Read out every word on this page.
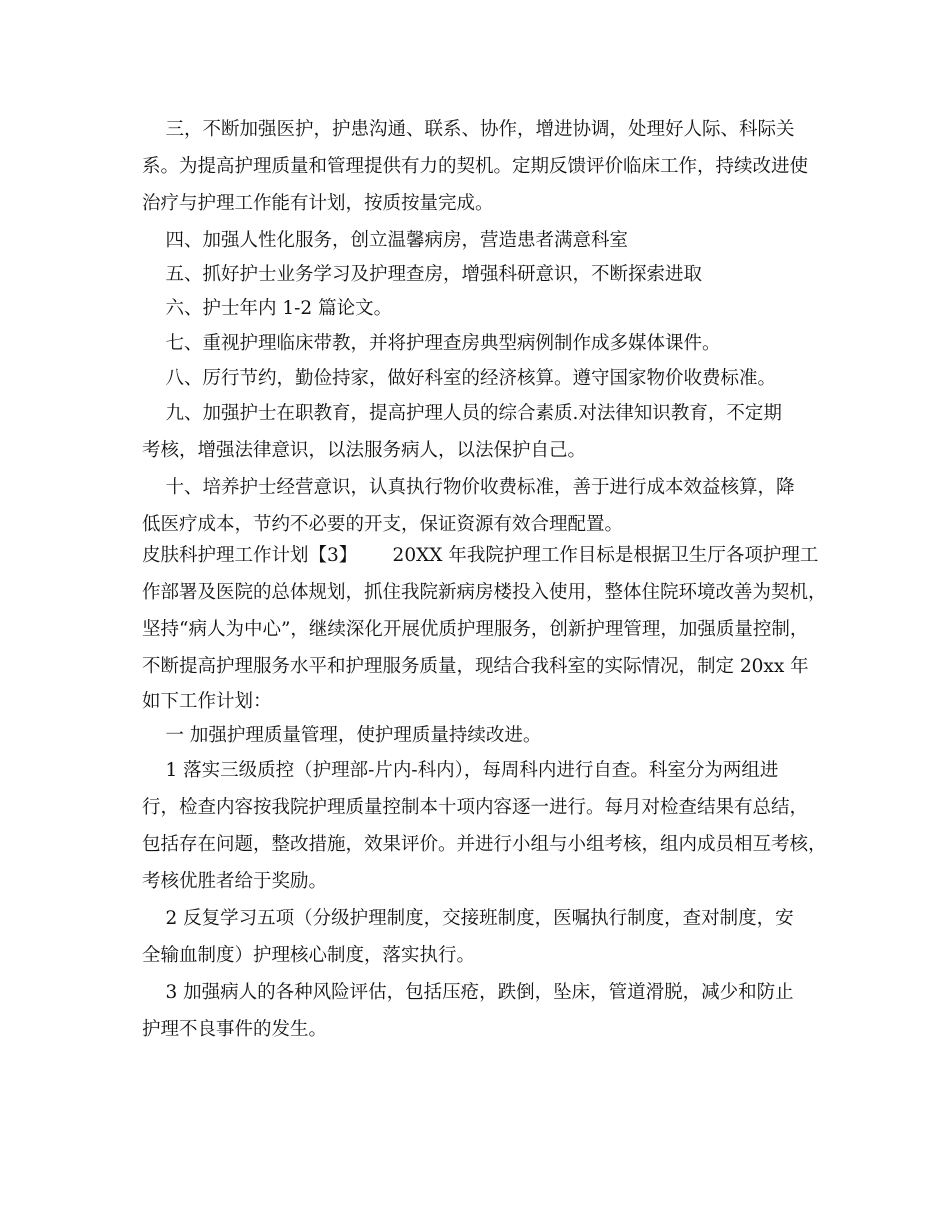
三，不断加强医护，护患沟通、联系、协作，增进协调，处理好人际、科际关
系。为提高护理质量和管理提供有力的契机。定期反馈评价临床工作，持续改进使
治疗与护理工作能有计划，按质按量完成。
四、加强人性化服务，创立温馨病房，营造患者满意科室
五、抓好护士业务学习及护理查房，增强科研意识，不断探索进取
六、护士年内 1-2 篇论文。
七、重视护理临床带教，并将护理查房典型病例制作成多媒体课件。
八、厉行节约，勤俭持家，做好科室的经济核算。遵守国家物价收费标准。
九、加强护士在职教育，提高护理人员的综合素质.对法律知识教育，不定期
考核，增强法律意识，以法服务病人，以法保护自己。
十、培养护士经营意识，认真执行物价收费标准，善于进行成本效益核算，降
低医疗成本，节约不必要的开支，保证资源有效合理配置。
皮肤科护理工作计划【3】      20XX 年我院护理工作目标是根据卫生厅各项护理工
作部署及医院的总体规划，抓住我院新病房楼投入使用，整体住院环境改善为契机，
坚持“病人为中心”，继续深化开展优质护理服务，创新护理管理，加强质量控制，
不断提高护理服务水平和护理服务质量，现结合我科室的实际情况，制定 20xx 年
如下工作计划：
一 加强护理质量管理，使护理质量持续改进。
1 落实三级质控（护理部-片内-科内），每周科内进行自查。科室分为两组进
行，检查内容按我院护理质量控制本十项内容逐一进行。每月对检查结果有总结，
包括存在问题，整改措施，效果评价。并进行小组与小组考核，组内成员相互考核，
考核优胜者给于奖励。
2 反复学习五项（分级护理制度，交接班制度，医嘱执行制度，查对制度，安
全输血制度）护理核心制度，落实执行。
3 加强病人的各种风险评估，包括压疮，跌倒，坠床，管道滑脱，减少和防止
护理不良事件的发生。
